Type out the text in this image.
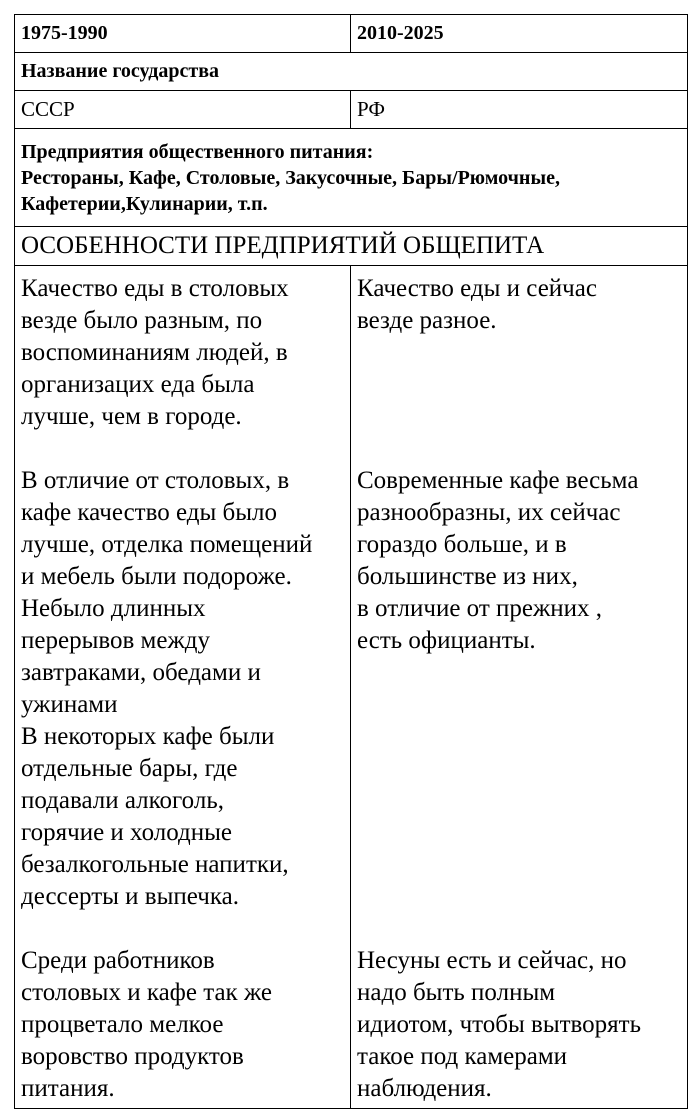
1975-1990	2010-2025
Название государства
СССР	РФ
Предприятия общественного питания:
Рестораны, Кафе, Столовые, Закусочные, Бары/Рюмочные,
Кафетерии,Кулинарии, т.п.
ОСОБЕННОСТИ ПРЕДПРИЯТИЙ ОБЩЕПИТА
Качество еды в столовых
везде было разным, по
воспоминаниям людей, в
организацих еда была
лучше, чем в городе.
В отличие от столовых, в
кафе качество еды было
лучше, отделка помещений
и мебель были подороже.
Небыло длинных
перерывов между
завтраками, обедами и
ужинами
В некоторых кафе были
отдельные бары, где
подавали алкоголь,
горячие и холодные
безалкогольные напитки,
дессерты и выпечка.
Среди работников
столовых и кафе так же
процветало мелкое
воровство продуктов
питания.
Качество еды и сейчас
везде разное.
Современные кафе весьма
разнообразны, их сейчас
гораздо больше, и в
большинстве из них,
в отличие от прежних ,
есть официанты.
Несуны есть и сейчас, но
надо быть полным
идиотом, чтобы вытворять
такое под камерами
наблюдения.
